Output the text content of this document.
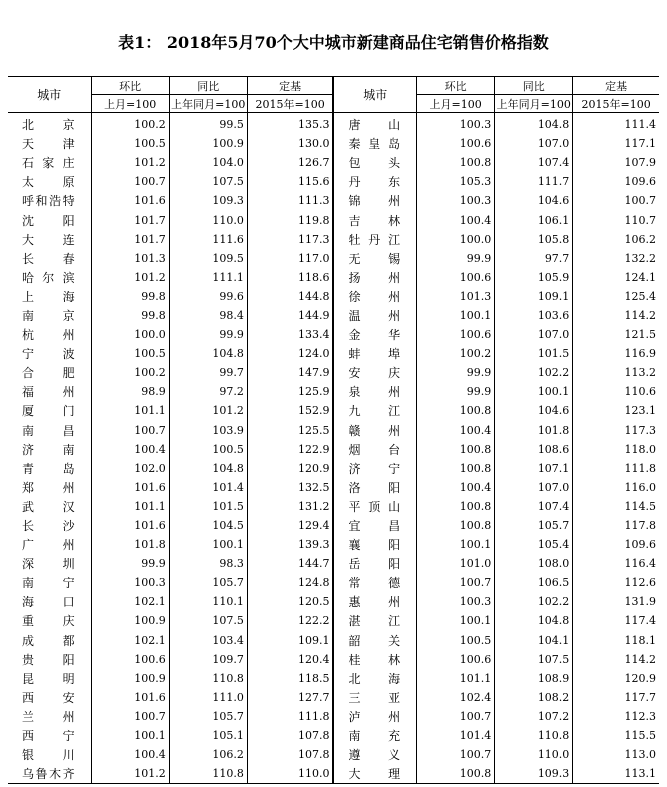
表1： 2018年5月70个大中城市新建商品住宅销售价格指数
城市	环比	同比	定基	城市	环比	同比	定基
	上月=100	上年同月=100	2015年=100		上月=100	上年同月=100	2015年=100
北　京	100.2	99.5	135.3	唐　山	100.3	104.8	111.4
天　津	100.5	100.9	130.0	秦皇岛	100.6	107.0	117.1
石家庄	101.2	104.0	126.7	包　头	100.8	107.4	107.9
太　原	100.7	107.5	115.6	丹　东	105.3	111.7	109.6
呼和浩特	101.6	109.3	111.3	锦　州	100.3	104.6	100.7
沈　阳	101.7	110.0	119.8	吉　林	100.4	106.1	110.7
大　连	101.7	111.6	117.3	牡丹江	100.0	105.8	106.2
长　春	101.3	109.5	117.0	无　锡	99.9	97.7	132.2
哈尔滨	101.2	111.1	118.6	扬　州	100.6	105.9	124.1
上　海	99.8	99.6	144.8	徐　州	101.3	109.1	125.4
南　京	99.8	98.4	144.9	温　州	100.1	103.6	114.2
杭　州	100.0	99.9	133.4	金　华	100.6	107.0	121.5
宁　波	100.5	104.8	124.0	蚌　埠	100.2	101.5	116.9
合　肥	100.2	99.7	147.9	安　庆	99.9	102.2	113.2
福　州	98.9	97.2	125.9	泉　州	99.9	100.1	110.6
厦　门	101.1	101.2	152.9	九　江	100.8	104.6	123.1
南　昌	100.7	103.9	125.5	赣　州	100.4	101.8	117.3
济　南	100.4	100.5	122.9	烟　台	100.8	108.6	118.0
青　岛	102.0	104.8	120.9	济　宁	100.8	107.1	111.8
郑　州	101.6	101.4	132.5	洛　阳	100.4	107.0	116.0
武　汉	101.1	101.5	131.2	平顶山	100.8	107.4	114.5
长　沙	101.6	104.5	129.4	宜　昌	100.8	105.7	117.8
广　州	101.8	100.1	139.3	襄　阳	100.1	105.4	109.6
深　圳	99.9	98.3	144.7	岳　阳	101.0	108.0	116.4
南　宁	100.3	105.7	124.8	常　德	100.7	106.5	112.6
海　口	102.1	110.1	120.5	惠　州	100.3	102.2	131.9
重　庆	100.9	107.5	122.2	湛　江	100.1	104.8	117.4
成　都	102.1	103.4	109.1	韶　关	100.5	104.1	118.1
贵　阳	100.6	109.7	120.4	桂　林	100.6	107.5	114.2
昆　明	100.9	110.8	118.5	北　海	101.1	108.9	120.9
西　安	101.6	111.0	127.7	三　亚	102.4	108.2	117.7
兰　州	100.7	105.7	111.8	泸　州	100.7	107.2	112.3
西　宁	100.1	105.1	107.8	南　充	101.4	110.8	115.5
银　川	100.4	106.2	107.8	遵　义	100.7	110.0	113.0
乌鲁木齐	101.2	110.8	110.0	大　理	100.8	109.3	113.1
